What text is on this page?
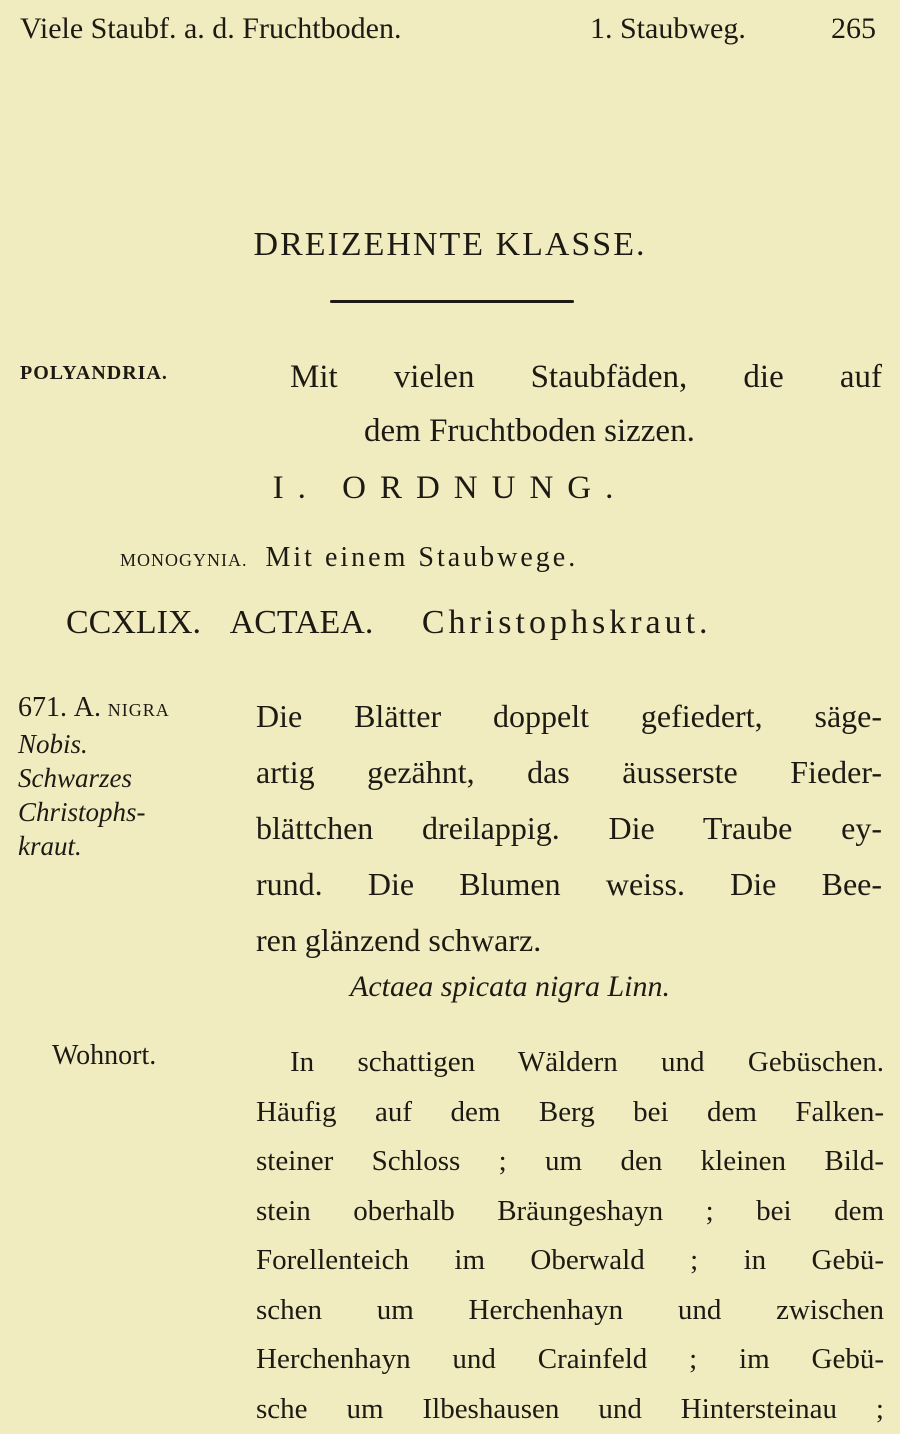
Viele Staubf. a. d. Fruchtboden.	1. Staubweg.	265
DREIZEHNTE KLASSE.
POLYANDRIA.	Mit vielen Staubfäden, die auf
dem Fruchtboden sizzen.
I. ORDNUNG.
MONOGYNIA. Mit einem Staubwege.
CCXLIX. ACTAEA. Christophskraut.
671. A. NIGRA
Nobis.
Schwarzes
Christophs-
kraut.
Die Blätter doppelt gefiedert, säge-
artig gezähnt, das äusserste Fieder-
blättchen dreilappig. Die Traube ey-
rund. Die Blumen weiss. Die Bee-
ren glänzend schwarz.
Actaea spicata nigra Linn.
Wohnort.	In schattigen Wäldern und Gebüschen.
Häufig auf dem Berg bei dem Falken-
steiner Schloss ; um den kleinen Bild-
stein oberhalb Bräungeshayn ; bei dem
Forellenteich im Oberwald ; in Gebü-
schen um Herchenhayn und zwischen
Herchenhayn und Crainfeld ; im Gebü-
sche um Ilbeshausen und Hintersteinau ;
